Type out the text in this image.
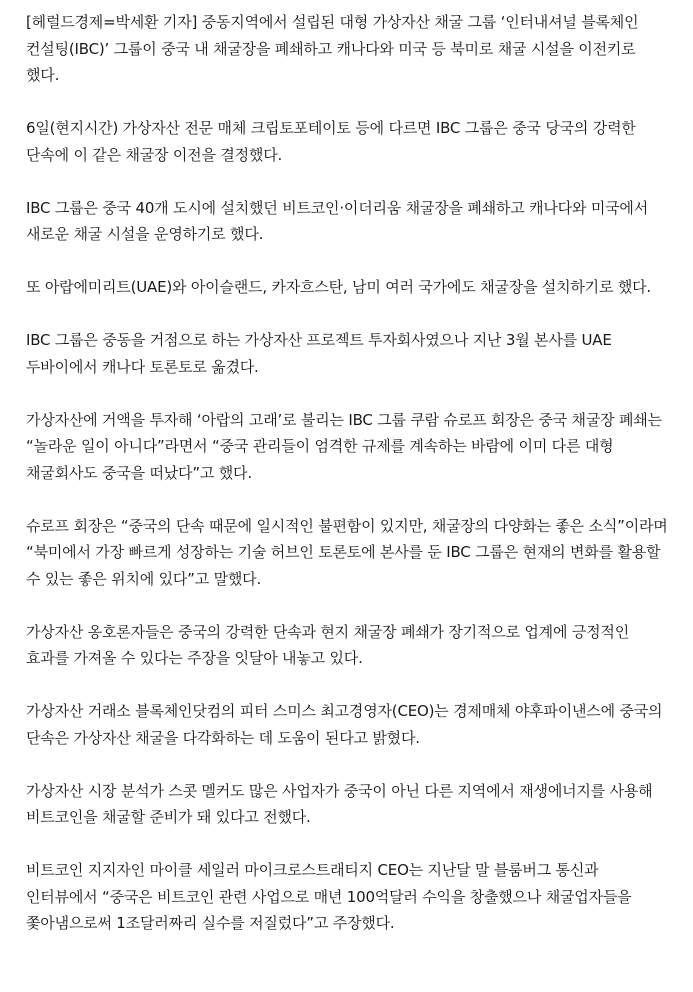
[헤럴드경제=박세환 기자] 중동지역에서 설립된 대형 가상자산 채굴 그룹 ‘인터내셔널 블록체인 컨설팅(IBC)’ 그룹이 중국 내 채굴장을 폐쇄하고 캐나다와 미국 등 북미로 채굴 시설을 이전키로 했다.

6일(현지시간) 가상자산 전문 매체 크립토포테이토 등에 다르면 IBC 그룹은 중국 당국의 강력한 단속에 이 같은 채굴장 이전을 결정했다.

IBC 그룹은 중국 40개 도시에 설치했던 비트코인·이더리움 채굴장을 폐쇄하고 캐나다와 미국에서 새로운 채굴 시설을 운영하기로 했다.

또 아랍에미리트(UAE)와 아이슬랜드, 카자흐스탄, 남미 여러 국가에도 채굴장을 설치하기로 했다.

IBC 그룹은 중동을 거점으로 하는 가상자산 프로젝트 투자회사였으나 지난 3월 본사를 UAE 두바이에서 캐나다 토론토로 옮겼다.

가상자산에 거액을 투자해 ‘아랍의 고래’로 불리는 IBC 그룹 쿠람 슈로프 회장은 중국 채굴장 폐쇄는 “놀라운 일이 아니다”라면서 “중국 관리들이 엄격한 규제를 계속하는 바람에 이미 다른 대형 채굴회사도 중국을 떠났다”고 했다.

슈로프 회장은 “중국의 단속 때문에 일시적인 불편함이 있지만, 채굴장의 다양화는 좋은 소식”이라며 “북미에서 가장 빠르게 성장하는 기술 허브인 토론토에 본사를 둔 IBC 그룹은 현재의 변화를 활용할 수 있는 좋은 위치에 있다”고 말했다.

가상자산 옹호론자들은 중국의 강력한 단속과 현지 채굴장 폐쇄가 장기적으로 업계에 긍정적인 효과를 가져올 수 있다는 주장을 잇달아 내놓고 있다.

가상자산 거래소 블록체인닷컴의 피터 스미스 최고경영자(CEO)는 경제매체 야후파이낸스에 중국의 단속은 가상자산 채굴을 다각화하는 데 도움이 된다고 밝혔다.

가상자산 시장 분석가 스콧 멜커도 많은 사업자가 중국이 아닌 다른 지역에서 재생에너지를 사용해 비트코인을 채굴할 준비가 돼 있다고 전했다.

비트코인 지지자인 마이클 세일러 마이크로스트래티지 CEO는 지난달 말 블룸버그 통신과 인터뷰에서 “중국은 비트코인 관련 사업으로 매년 100억달러 수익을 창출했으나 채굴업자들을 쫓아냄으로써 1조달러짜리 실수를 저질렀다”고 주장했다.
